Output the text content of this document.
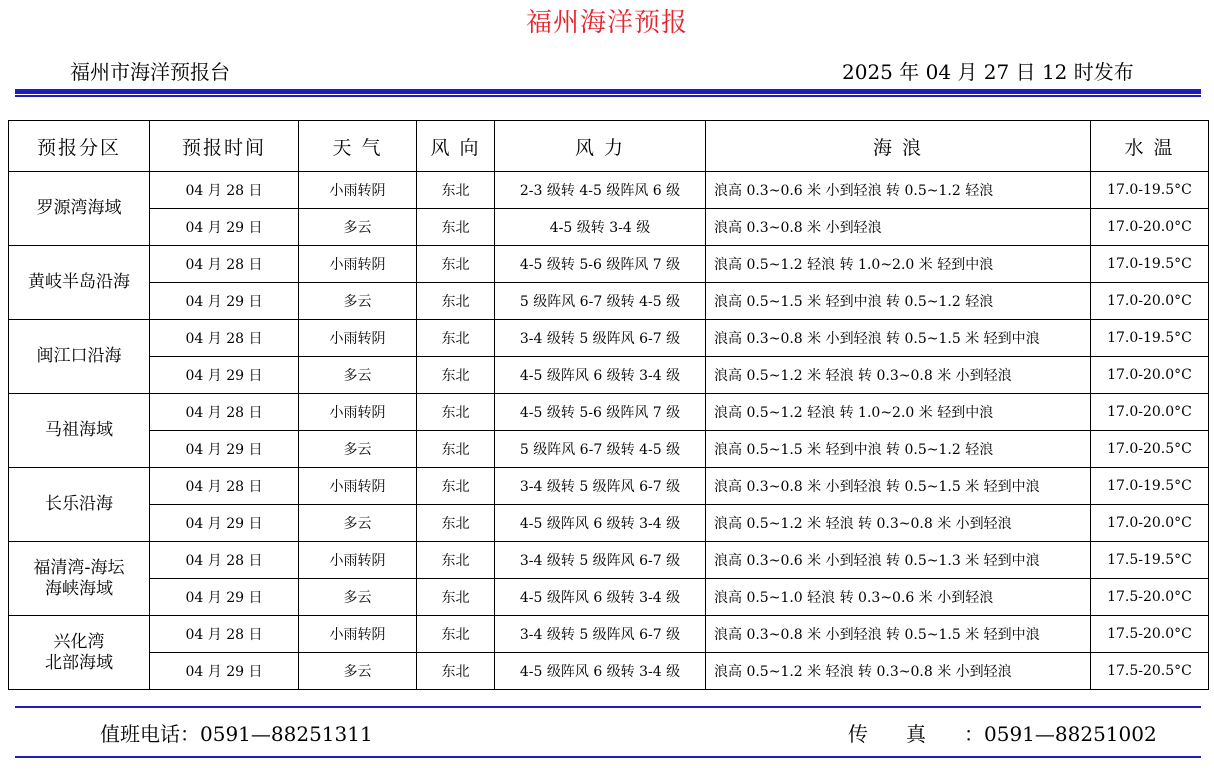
福州海洋预报
福州市海洋预报台	2025 年 04 月 27 日 12 时发布
预报分区	预报时间	天 气	风 向	风 力	海 浪	水 温
罗源湾海域	04 月 28 日	小雨转阴	东北	2-3 级转 4-5 级阵风 6 级	浪高 0.3~0.6 米 小到轻浪 转 0.5~1.2 轻浪	17.0-19.5°C
	04 月 29 日	多云	东北	4-5 级转 3-4 级	浪高 0.3~0.8 米 小到轻浪	17.0-20.0°C
黄岐半岛沿海	04 月 28 日	小雨转阴	东北	4-5 级转 5-6 级阵风 7 级	浪高 0.5~1.2 轻浪 转 1.0~2.0 米 轻到中浪	17.0-19.5°C
	04 月 29 日	多云	东北	5 级阵风 6-7 级转 4-5 级	浪高 0.5~1.5 米 轻到中浪 转 0.5~1.2 轻浪	17.0-20.0°C
闽江口沿海	04 月 28 日	小雨转阴	东北	3-4 级转 5 级阵风 6-7 级	浪高 0.3~0.8 米 小到轻浪 转 0.5~1.5 米 轻到中浪	17.0-19.5°C
	04 月 29 日	多云	东北	4-5 级阵风 6 级转 3-4 级	浪高 0.5~1.2 米 轻浪 转 0.3~0.8 米 小到轻浪	17.0-20.0°C
马祖海域	04 月 28 日	小雨转阴	东北	4-5 级转 5-6 级阵风 7 级	浪高 0.5~1.2 轻浪 转 1.0~2.0 米 轻到中浪	17.0-20.0°C
	04 月 29 日	多云	东北	5 级阵风 6-7 级转 4-5 级	浪高 0.5~1.5 米 轻到中浪 转 0.5~1.2 轻浪	17.0-20.5°C
长乐沿海	04 月 28 日	小雨转阴	东北	3-4 级转 5 级阵风 6-7 级	浪高 0.3~0.8 米 小到轻浪 转 0.5~1.5 米 轻到中浪	17.0-19.5°C
	04 月 29 日	多云	东北	4-5 级阵风 6 级转 3-4 级	浪高 0.5~1.2 米 轻浪 转 0.3~0.8 米 小到轻浪	17.0-20.0°C
福清湾-海坛
海峡海域	04 月 28 日	小雨转阴	东北	3-4 级转 5 级阵风 6-7 级	浪高 0.3~0.6 米 小到轻浪 转 0.5~1.3 米 轻到中浪	17.5-19.5°C
	04 月 29 日	多云	东北	4-5 级阵风 6 级转 3-4 级	浪高 0.5~1.0 轻浪 转 0.3~0.6 米 小到轻浪	17.5-20.0°C
兴化湾
北部海域	04 月 28 日	小雨转阴	东北	3-4 级转 5 级阵风 6-7 级	浪高 0.3~0.8 米 小到轻浪 转 0.5~1.5 米 轻到中浪	17.5-20.0°C
	04 月 29 日	多云	东北	4-5 级阵风 6 级转 3-4 级	浪高 0.5~1.2 米 轻浪 转 0.3~0.8 米 小到轻浪	17.5-20.5°C
值班电话：0591—88251311	传真：0591—88251002
